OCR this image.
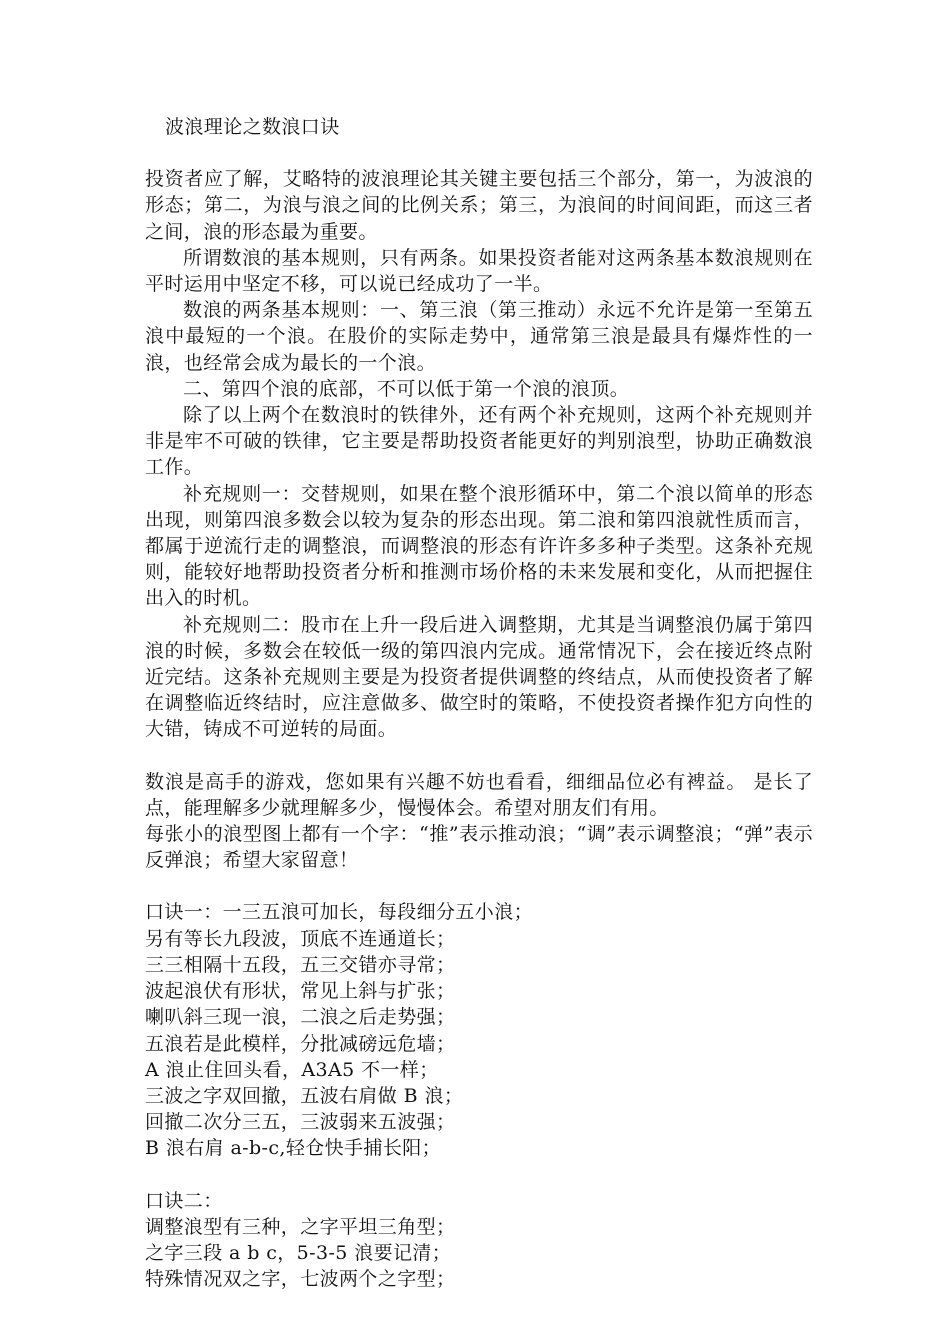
波浪理论之数浪口诀

投资者应了解，艾略特的波浪理论其关键主要包括三个部分，第一，为波浪的形态；第二，为浪与浪之间的比例关系；第三，为浪间的时间间距，而这三者之间，浪的形态最为重要。

所谓数浪的基本规则，只有两条。如果投资者能对这两条基本数浪规则在平时运用中坚定不移，可以说已经成功了一半。

数浪的两条基本规则：一、第三浪（第三推动）永远不允许是第一至第五浪中最短的一个浪。在股价的实际走势中，通常第三浪是最具有爆炸性的一浪，也经常会成为最长的一个浪。

二、第四个浪的底部，不可以低于第一个浪的浪顶。

除了以上两个在数浪时的铁律外，还有两个补充规则，这两个补充规则并非是牢不可破的铁律，它主要是帮助投资者能更好的判别浪型，协助正确数浪工作。

补充规则一：交替规则，如果在整个浪形循环中，第二个浪以简单的形态出现，则第四浪多数会以较为复杂的形态出现。第二浪和第四浪就性质而言，都属于逆流行走的调整浪，而调整浪的形态有许许多多种子类型。这条补充规则，能较好地帮助投资者分析和推测市场价格的未来发展和变化，从而把握住出入的时机。

补充规则二：股市在上升一段后进入调整期，尤其是当调整浪仍属于第四浪的时候，多数会在较低一级的第四浪内完成。通常情况下，会在接近终点附近完结。这条补充规则主要是为投资者提供调整的终结点，从而使投资者了解在调整临近终结时，应注意做多、做空时的策略，不使投资者操作犯方向性的大错，铸成不可逆转的局面。

数浪是高手的游戏，您如果有兴趣不妨也看看，细细品位必有裨益。 是长了点，能理解多少就理解多少，慢慢体会。希望对朋友们有用。

每张小的浪型图上都有一个字：“推”表示推动浪；“调”表示调整浪；“弹”表示反弹浪；希望大家留意！

口诀一：一三五浪可加长，每段细分五小浪；

另有等长九段波，顶底不连通道长；

三三相隔十五段，五三交错亦寻常；

波起浪伏有形状，常见上斜与扩张；

喇叭斜三现一浪，二浪之后走势强；

五浪若是此模样，分批减磅远危墙；

A 浪止住回头看，A3A5 不一样；

三波之字双回撤，五波右肩做 B 浪；

回撤二次分三五，三波弱来五波强；

B 浪右肩 a-b-c,轻仓快手捕长阳；

口诀二：

调整浪型有三种，之字平坦三角型；

之字三段 a b c，5-3-5 浪要记清；

特殊情况双之字，七波两个之字型；
